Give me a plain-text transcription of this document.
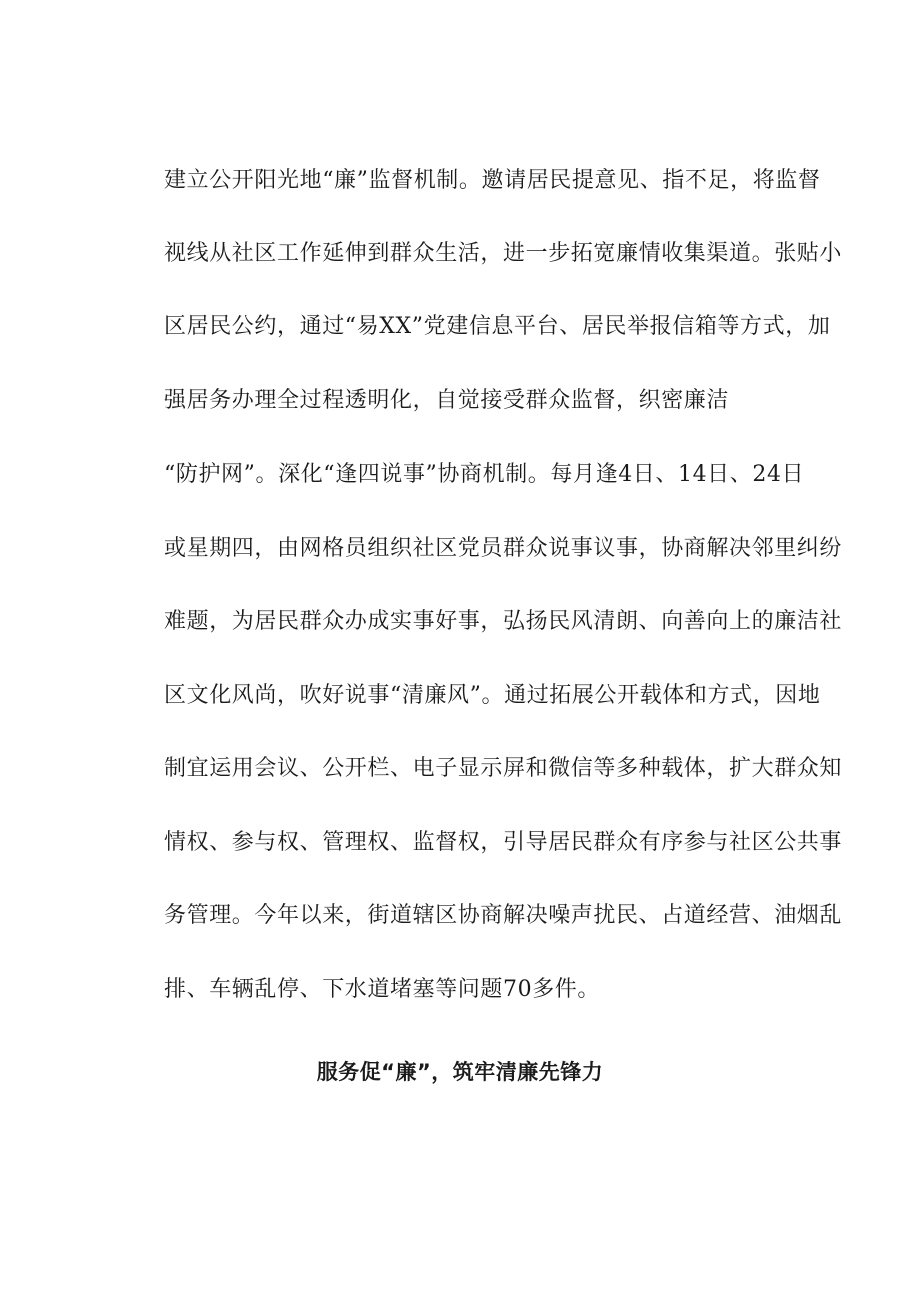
建立公开阳光地“廉”监督机制。邀请居民提意见、指不足，将监督
视线从社区工作延伸到群众生活，进一步拓宽廉情收集渠道。张贴小
区居民公约，通过“易XX”党建信息平台、居民举报信箱等方式，加
强居务办理全过程透明化，自觉接受群众监督，织密廉洁
“防护网”。深化“逢四说事”协商机制。每月逢4日、14日、24日
或星期四，由网格员组织社区党员群众说事议事，协商解决邻里纠纷
难题，为居民群众办成实事好事，弘扬民风清朗、向善向上的廉洁社
区文化风尚，吹好说事“清廉风”。通过拓展公开载体和方式，因地
制宜运用会议、公开栏、电子显示屏和微信等多种载体，扩大群众知
情权、参与权、管理权、监督权，引导居民群众有序参与社区公共事
务管理。今年以来，街道辖区协商解决噪声扰民、占道经营、油烟乱
排、车辆乱停、下水道堵塞等问题70多件。
服务促“廉”，筑牢清廉先锋力
